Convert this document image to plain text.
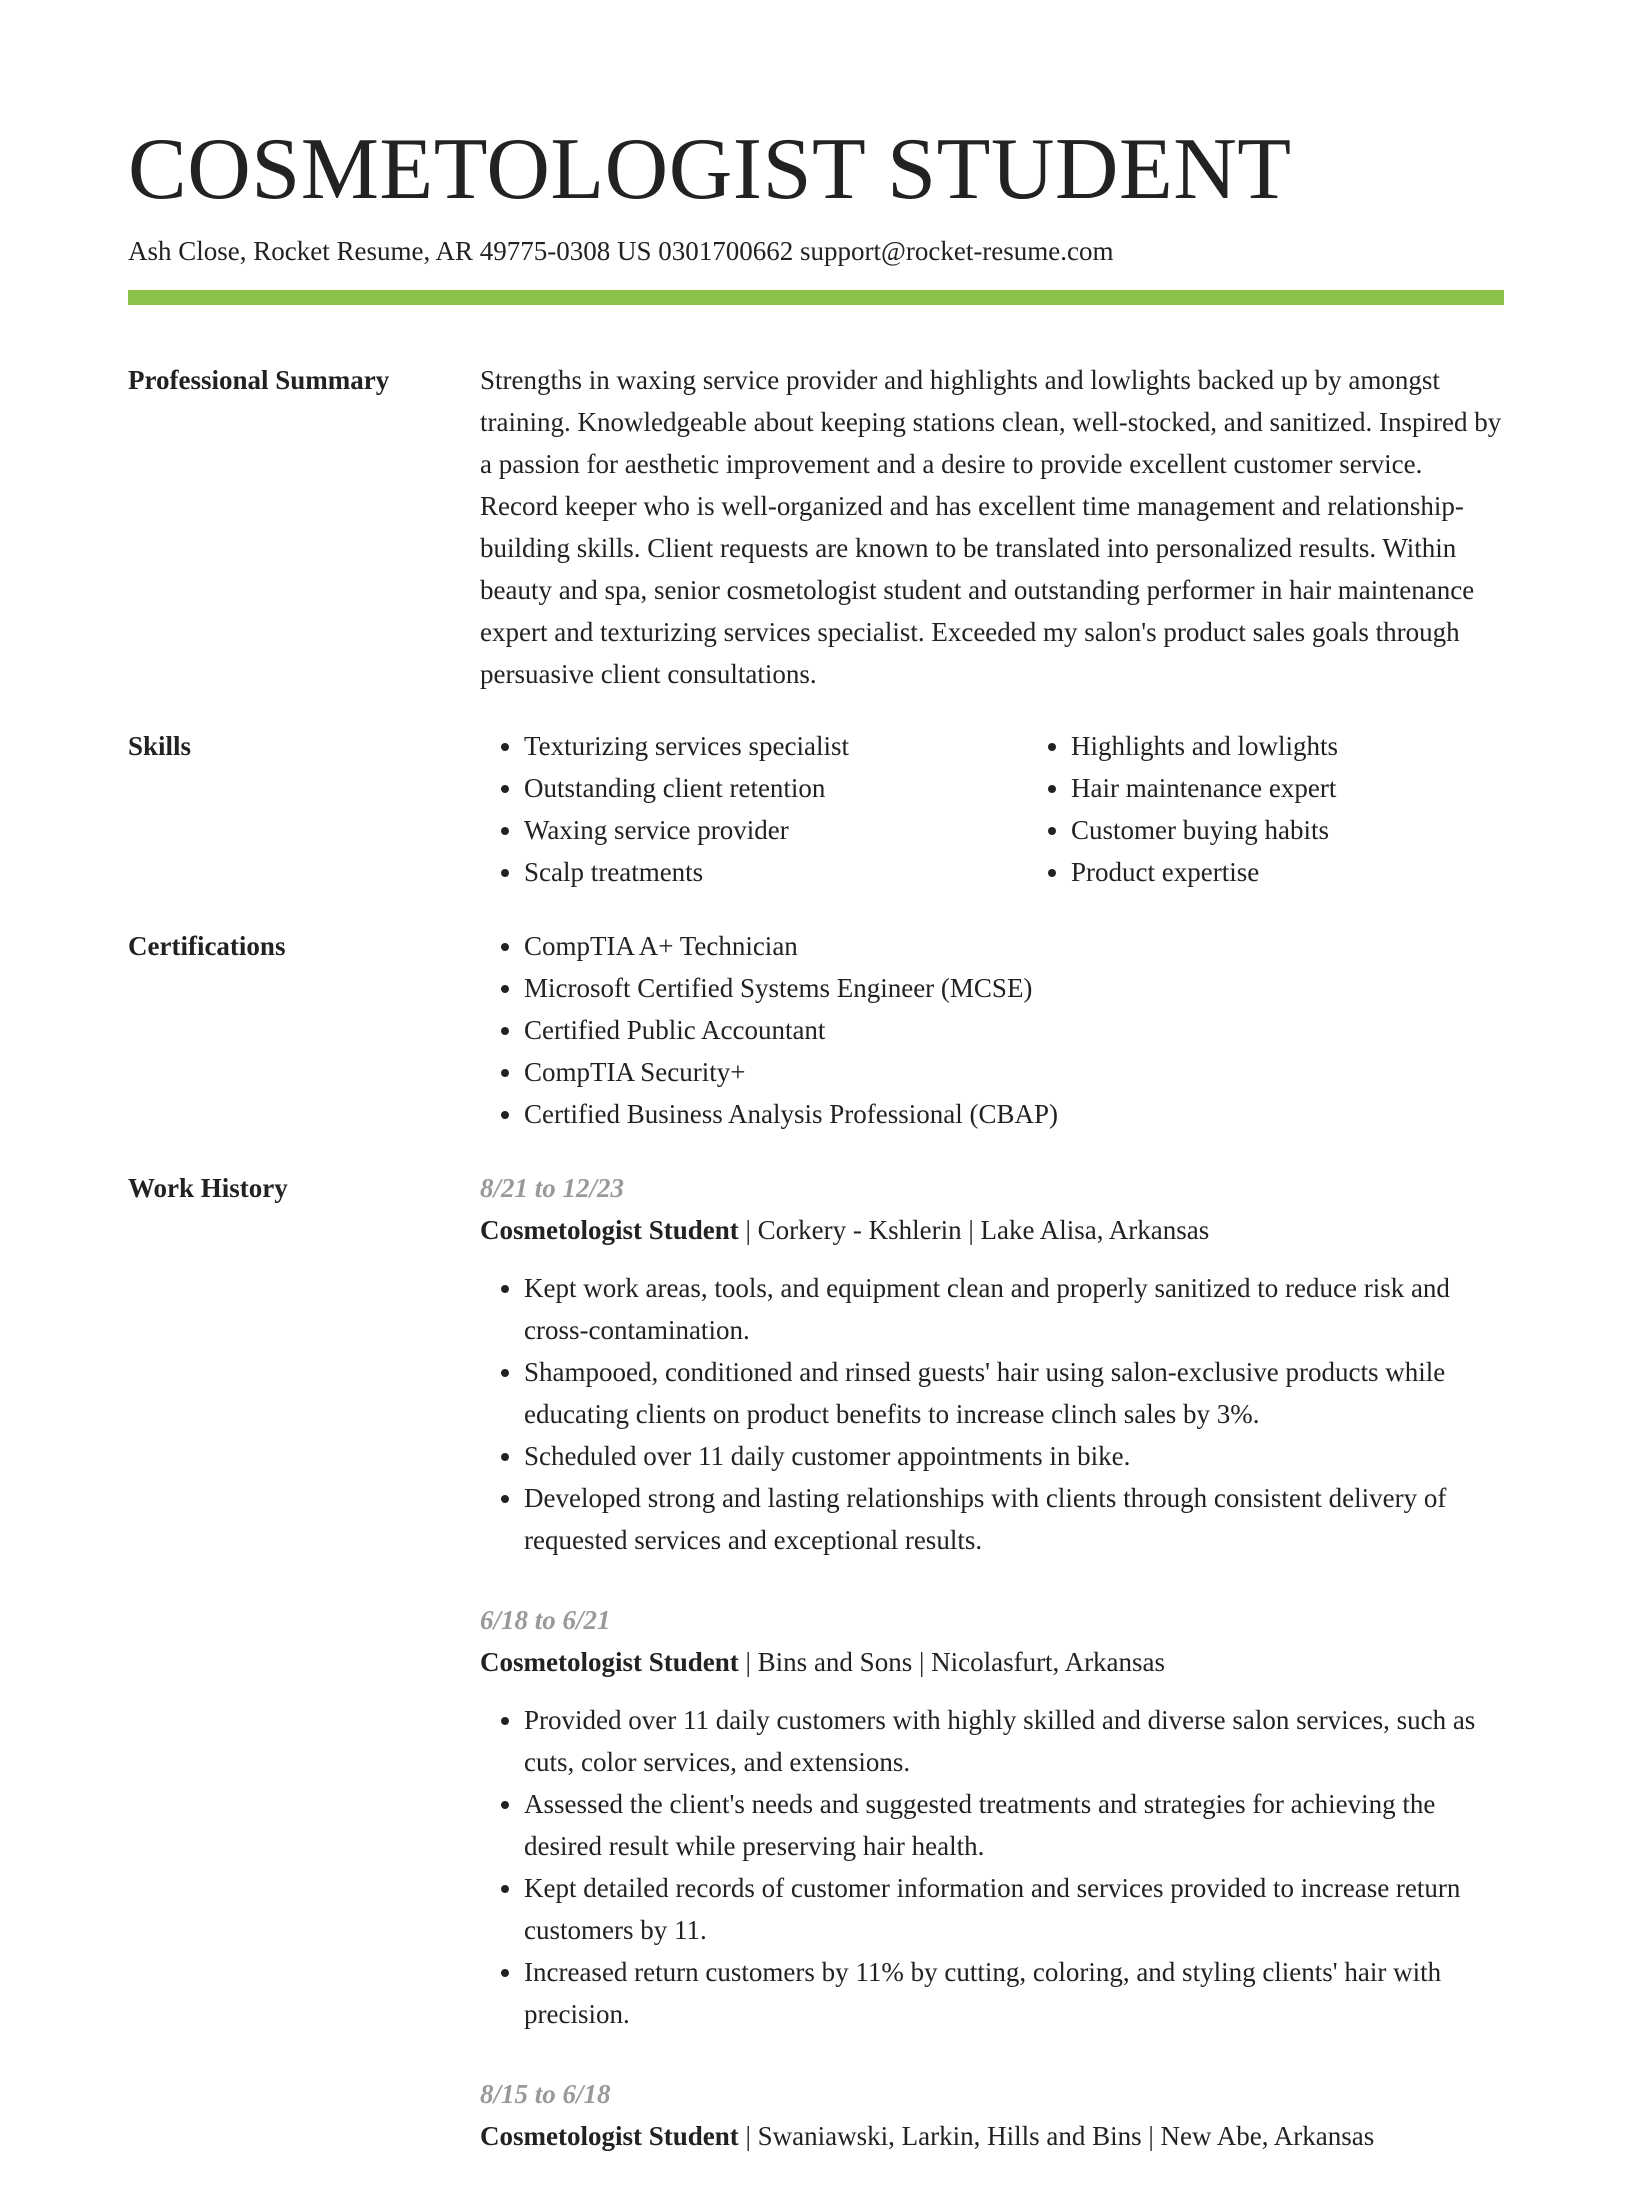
COSMETOLOGIST STUDENT
Ash Close, Rocket Resume, AR 49775-0308 US 0301700662 support@rocket-resume.com
Professional Summary	Strengths in waxing service provider and highlights and lowlights backed up by amongst training. Knowledgeable about keeping stations clean, well-stocked, and sanitized. Inspired by a passion for aesthetic improvement and a desire to provide excellent customer service. Record keeper who is well-organized and has excellent time management and relationship-building skills. Client requests are known to be translated into personalized results. Within beauty and spa, senior cosmetologist student and outstanding performer in hair maintenance expert and texturizing services specialist. Exceeded my salon's product sales goals through persuasive client consultations.

Skills	• Texturizing services specialist
• Outstanding client retention
• Waxing service provider
• Scalp treatments
• Highlights and lowlights
• Hair maintenance expert
• Customer buying habits
• Product expertise
Certifications	• CompTIA A+ Technician
• Microsoft Certified Systems Engineer (MCSE)
• Certified Public Accountant
• CompTIA Security+
• Certified Business Analysis Professional (CBAP)
Work History	8/21 to 12/23
Cosmetologist Student | Corkery - Kshlerin | Lake Alisa, Arkansas
• Kept work areas, tools, and equipment clean and properly sanitized to reduce risk and cross-contamination.
• Shampooed, conditioned and rinsed guests' hair using salon-exclusive products while educating clients on product benefits to increase clinch sales by 3%.
• Scheduled over 11 daily customer appointments in bike.
• Developed strong and lasting relationships with clients through consistent delivery of requested services and exceptional results.
6/18 to 6/21
Cosmetologist Student | Bins and Sons | Nicolasfurt, Arkansas
• Provided over 11 daily customers with highly skilled and diverse salon services, such as cuts, color services, and extensions.
• Assessed the client's needs and suggested treatments and strategies for achieving the desired result while preserving hair health.
• Kept detailed records of customer information and services provided to increase return customers by 11.
• Increased return customers by 11% by cutting, coloring, and styling clients' hair with precision.
8/15 to 6/18
Cosmetologist Student | Swaniawski, Larkin, Hills and Bins | New Abe, Arkansas
